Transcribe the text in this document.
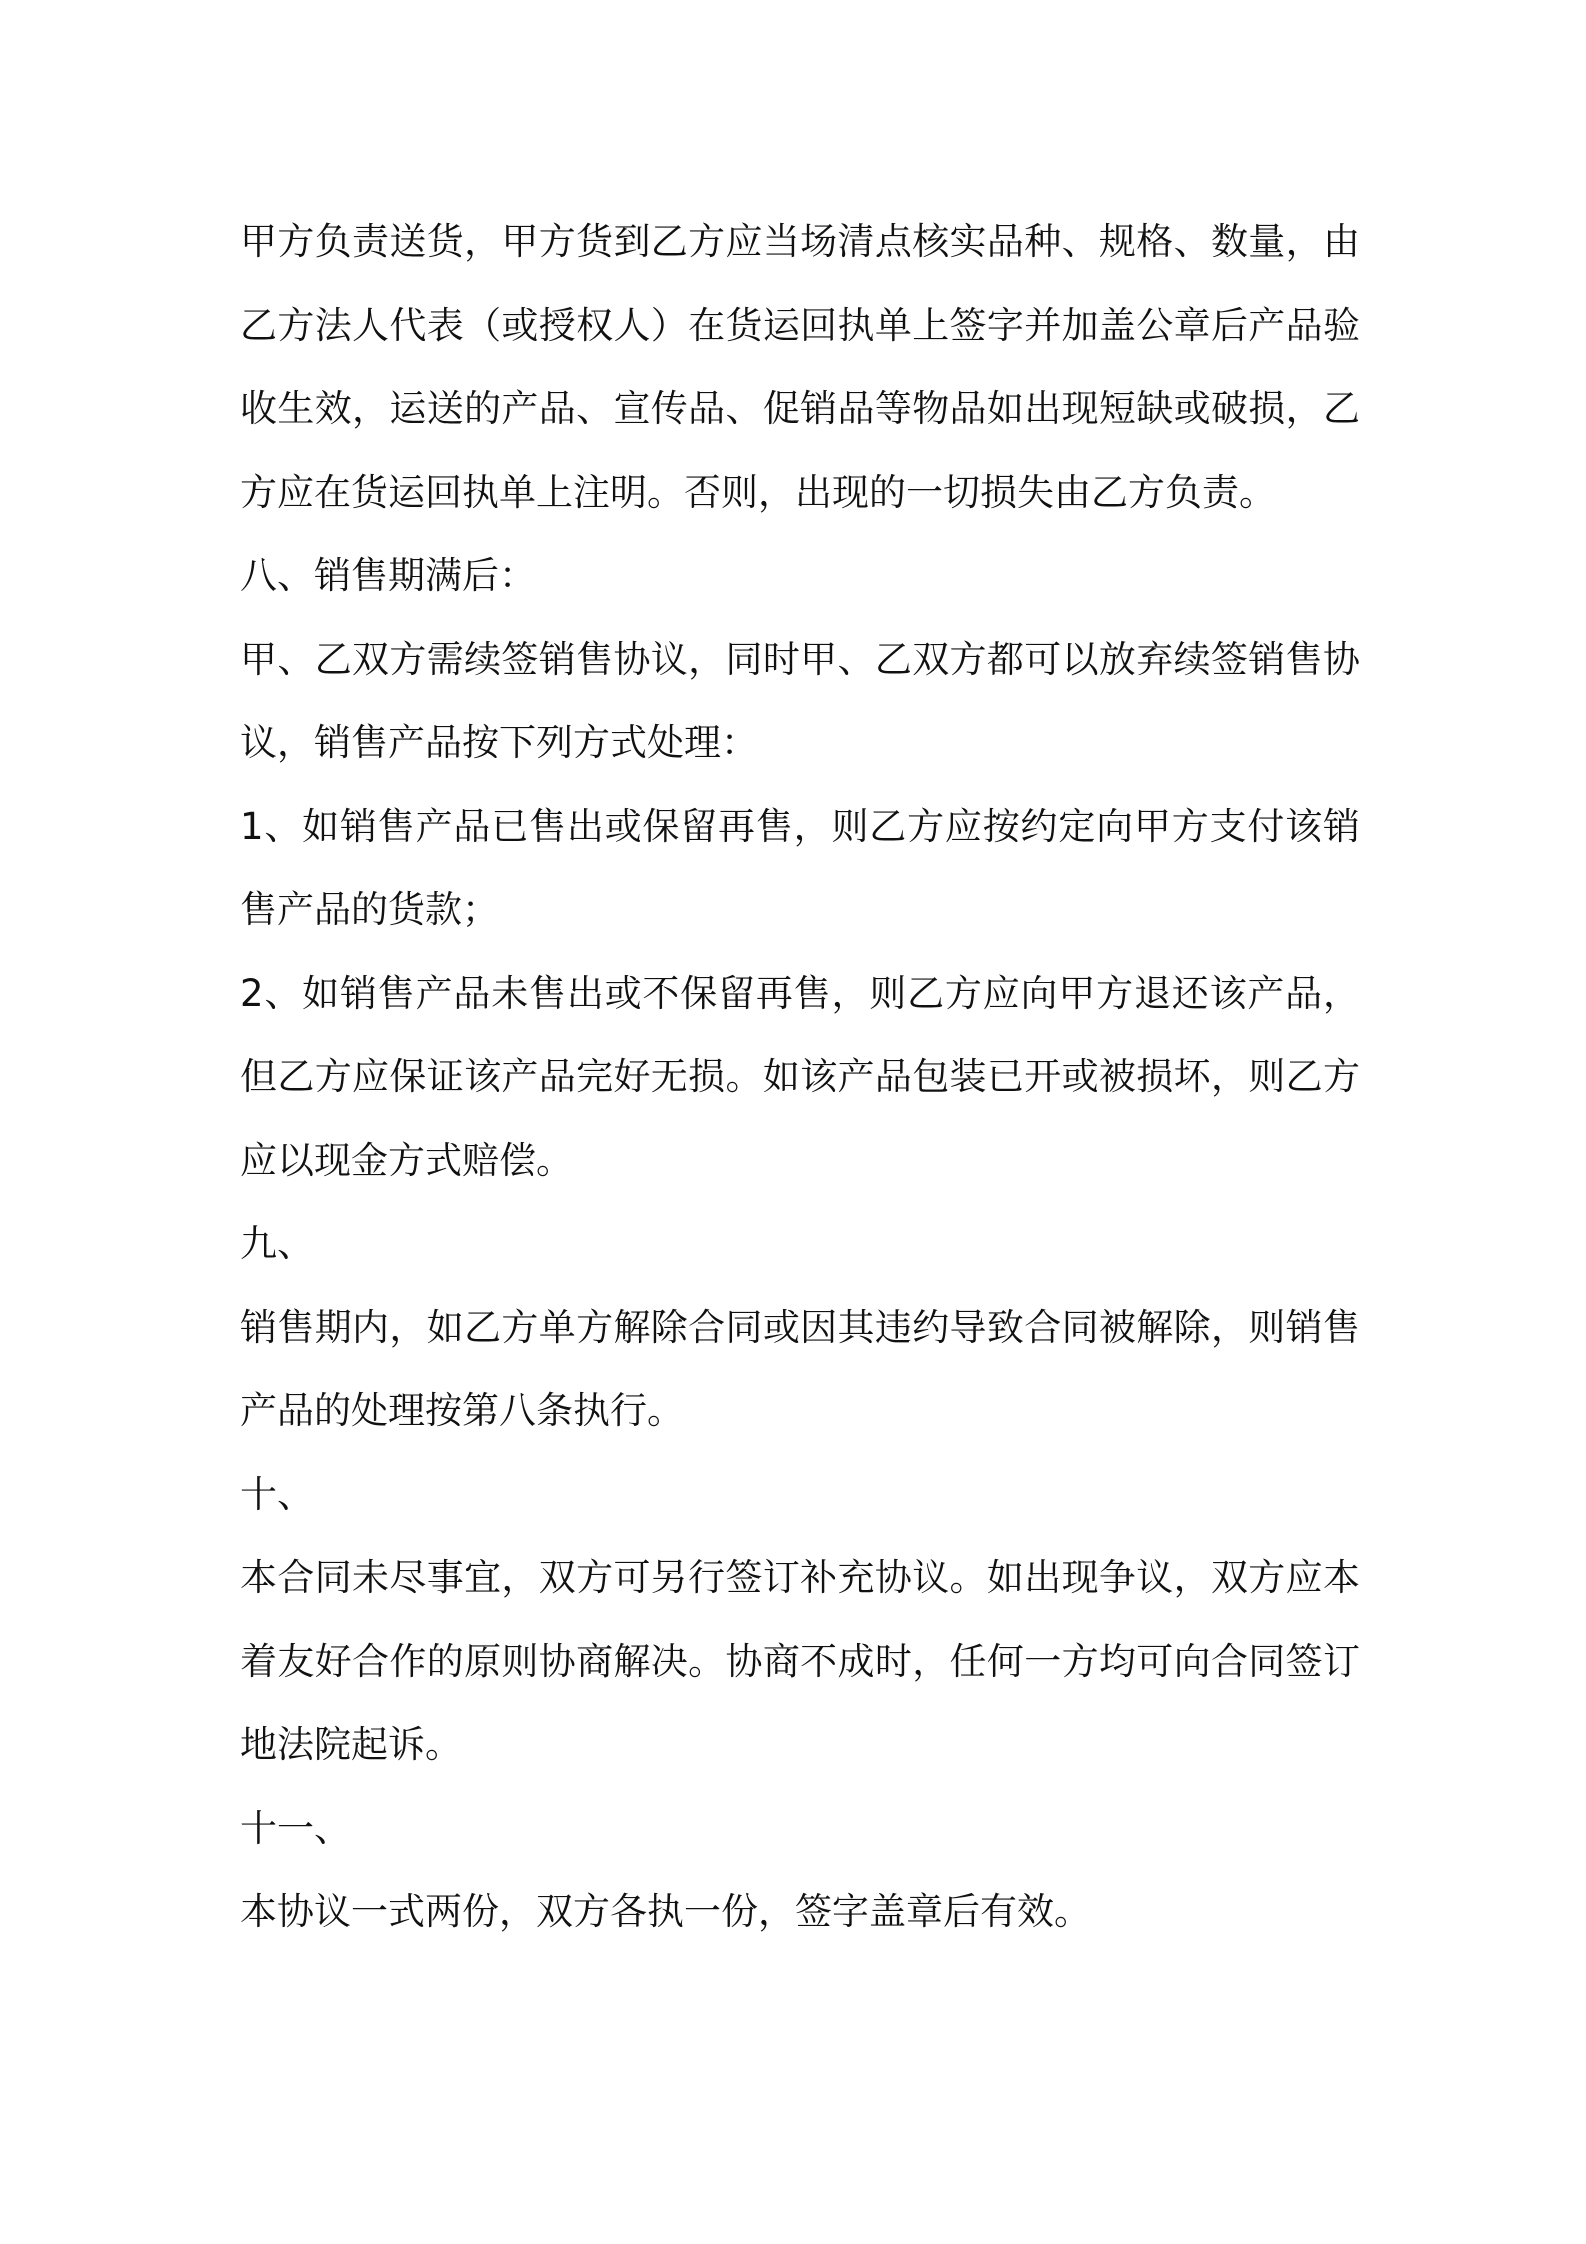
甲方负责送货，甲方货到乙方应当场清点核实品种、规格、数量，由
乙方法人代表（或授权人）在货运回执单上签字并加盖公章后产品验
收生效，运送的产品、宣传品、促销品等物品如出现短缺或破损，乙
方应在货运回执单上注明。否则，出现的一切损失由乙方负责。
八、销售期满后：
甲、乙双方需续签销售协议，同时甲、乙双方都可以放弃续签销售协
议，销售产品按下列方式处理：
1、如销售产品已售出或保留再售，则乙方应按约定向甲方支付该销
售产品的货款；
2、如销售产品未售出或不保留再售，则乙方应向甲方退还该产品，
但乙方应保证该产品完好无损。如该产品包装已开或被损坏，则乙方
应以现金方式赔偿。
九、
销售期内，如乙方单方解除合同或因其违约导致合同被解除，则销售
产品的处理按第八条执行。
十、
本合同未尽事宜，双方可另行签订补充协议。如出现争议，双方应本
着友好合作的原则协商解决。协商不成时，任何一方均可向合同签订
地法院起诉。
十一、
本协议一式两份，双方各执一份，签字盖章后有效。
